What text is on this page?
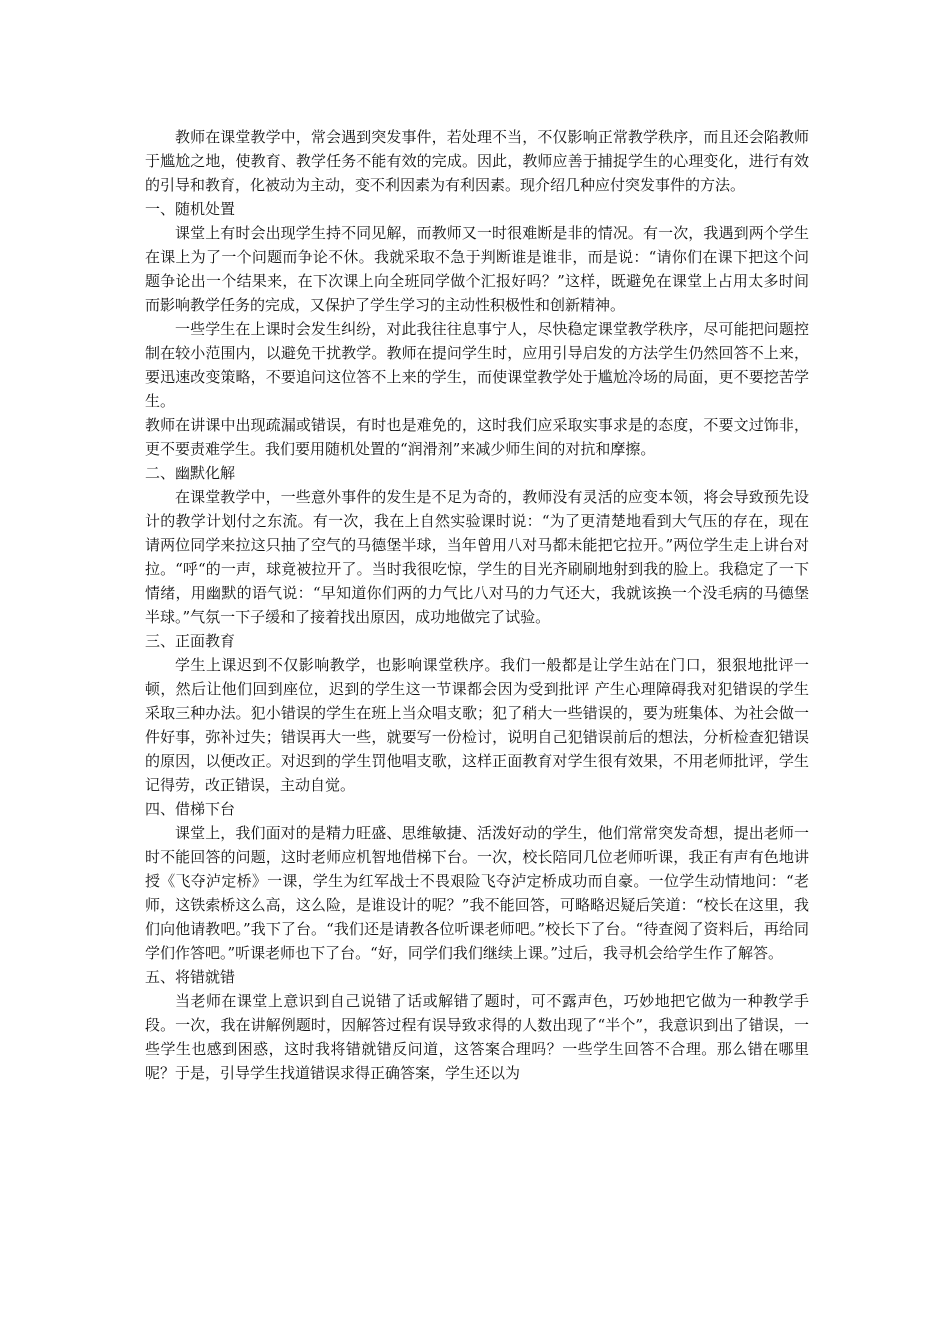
教师在课堂教学中，常会遇到突发事件，若处理不当，不仅影响正常教学秩序，而且还会陷教师于尴尬之地，使教育、教学任务不能有效的完成。因此，教师应善于捕捉学生的心理变化，进行有效的引导和教育，化被动为主动，变不利因素为有利因素。现介绍几种应付突发事件的方法。

一、随机处置

课堂上有时会出现学生持不同见解，而教师又一时很难断是非的情况。有一次，我遇到两个学生在课上为了一个问题而争论不休。我就采取不急于判断谁是谁非，而是说：“请你们在课下把这个问题争论出一个结果来，在下次课上向全班同学做个汇报好吗？”这样，既避免在课堂上占用太多时间而影响教学任务的完成，又保护了学生学习的主动性积极性和创新精神。

一些学生在上课时会发生纠纷，对此我往往息事宁人，尽快稳定课堂教学秩序，尽可能把问题控制在较小范围内，以避免干扰教学。教师在提问学生时，应用引导启发的方法学生仍然回答不上来，要迅速改变策略，不要追问这位答不上来的学生，而使课堂教学处于尴尬冷场的局面，更不要挖苦学生。

教师在讲课中出现疏漏或错误，有时也是难免的，这时我们应采取实事求是的态度，不要文过饰非，更不要责难学生。我们要用随机处置的“润滑剂”来减少师生间的对抗和摩擦。

二、幽默化解

在课堂教学中，一些意外事件的发生是不足为奇的，教师没有灵活的应变本领，将会导致预先设计的教学计划付之东流。有一次，我在上自然实验课时说：“为了更清楚地看到大气压的存在，现在请两位同学来拉这只抽了空气的马德堡半球，当年曾用八对马都未能把它拉开。”两位学生走上讲台对拉。“呼“的一声，球竟被拉开了。当时我很吃惊，学生的目光齐刷刷地射到我的脸上。我稳定了一下情绪，用幽默的语气说：“早知道你们两的力气比八对马的力气还大，我就该换一个没毛病的马德堡半球。”气氛一下子缓和了接着找出原因，成功地做完了试验。

三、正面教育

学生上课迟到不仅影响教学，也影响课堂秩序。我们一般都是让学生站在门口，狠狠地批评一顿，然后让他们回到座位，迟到的学生这一节课都会因为受到批评 产生心理障碍我对犯错误的学生采取三种办法。犯小错误的学生在班上当众唱支歌；犯了稍大一些错误的，要为班集体、为社会做一件好事，弥补过失；错误再大一些，就要写一份检讨，说明自己犯错误前后的想法，分析检查犯错误的原因，以便改正。对迟到的学生罚他唱支歌，这样正面教育对学生很有效果，不用老师批评，学生记得劳，改正错误，主动自觉。

四、借梯下台

课堂上，我们面对的是精力旺盛、思维敏捷、活泼好动的学生，他们常常突发奇想，提出老师一时不能回答的问题，这时老师应机智地借梯下台。一次，校长陪同几位老师听课，我正有声有色地讲授《飞夺泸定桥》一课，学生为红军战士不畏艰险飞夺泸定桥成功而自豪。一位学生动情地问：“老师，这铁索桥这么高，这么险，是谁设计的呢？”我不能回答，可略略迟疑后笑道：“校长在这里，我们向他请教吧。”我下了台。“我们还是请教各位听课老师吧。”校长下了台。“待查阅了资料后，再给同学们作答吧。”听课老师也下了台。“好，同学们我们继续上课。”过后，我寻机会给学生作了解答。

五、将错就错

当老师在课堂上意识到自己说错了话或解错了题时，可不露声色，巧妙地把它做为一种教学手段。一次，我在讲解例题时，因解答过程有误导致求得的人数出现了“半个”，我意识到出了错误，一些学生也感到困惑，这时我将错就错反问道，这答案合理吗？一些学生回答不合理。那么错在哪里呢？于是，引导学生找道错误求得正确答案，学生还以为
